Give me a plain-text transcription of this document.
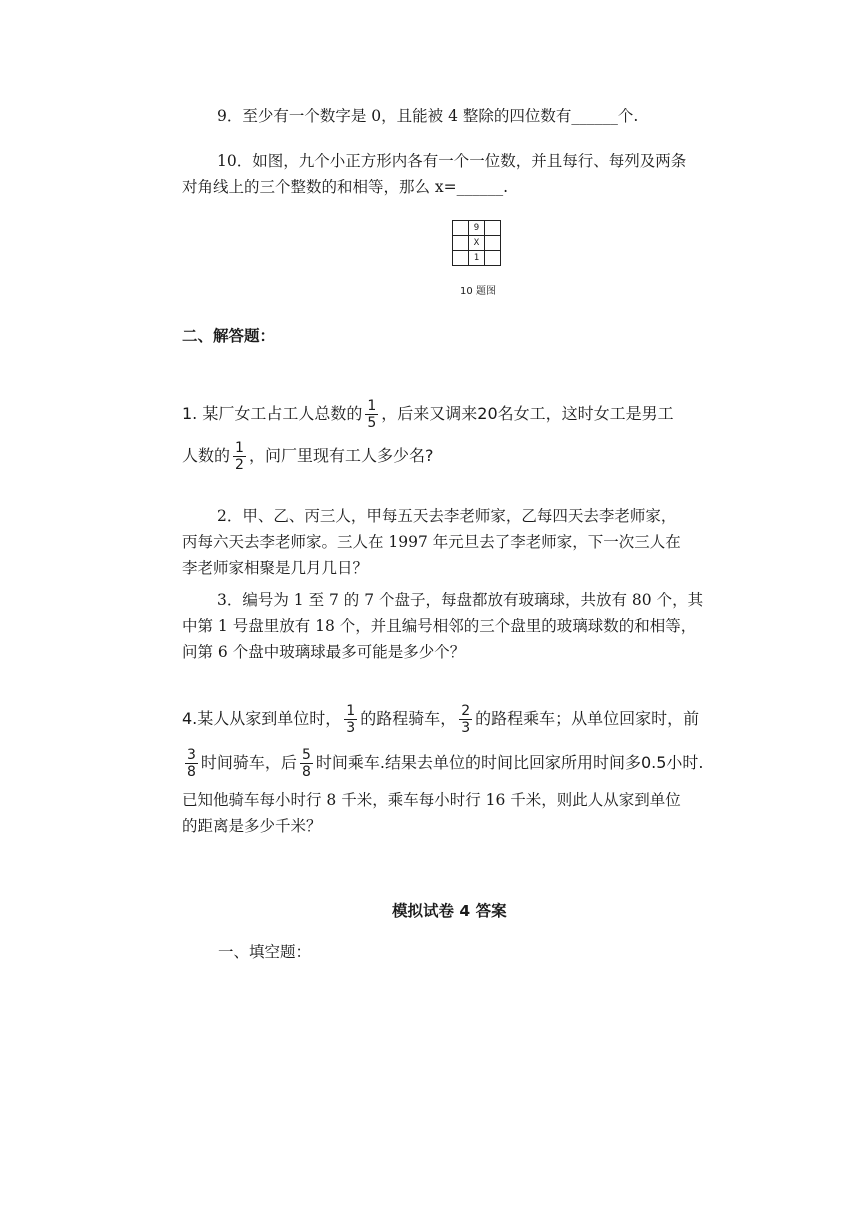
9．至少有一个数字是 0，且能被 4 整除的四位数有______个.
10．如图，九个小正方形内各有一个一位数，并且每行、每列及两条
对角线上的三个整数的和相等，那么 x=______.
9
X
1
10 题图
二、解答题：
1. 某厂女工占工人总数的 $\frac{1}{5}$ ，后来又调来20名女工，这时女工是男工
人数的 $\frac{1}{2}$ ，问厂里现有工人多少名?
2．甲、乙、丙三人，甲每五天去李老师家，乙每四天去李老师家，
丙每六天去李老师家。三人在 1997 年元旦去了李老师家，下一次三人在
李老师家相聚是几月几日？
3．编号为 1 至 7 的 7 个盘子，每盘都放有玻璃球，共放有 80 个，其
中第 1 号盘里放有 18 个，并且编号相邻的三个盘里的玻璃球数的和相等，
问第 6 个盘中玻璃球最多可能是多少个？
4.某人从家到单位时， $\frac{1}{3}$ 的路程骑车， $\frac{2}{3}$ 的路程乘车；从单位回家时，前
$\frac{3}{8}$ 时间骑车，后 $\frac{5}{8}$ 时间乘车.结果去单位的时间比回家所用时间多0.5小时.
已知他骑车每小时行 8 千米，乘车每小时行 16 千米，则此人从家到单位
的距离是多少千米？
模拟试卷 4 答案
一、填空题：
